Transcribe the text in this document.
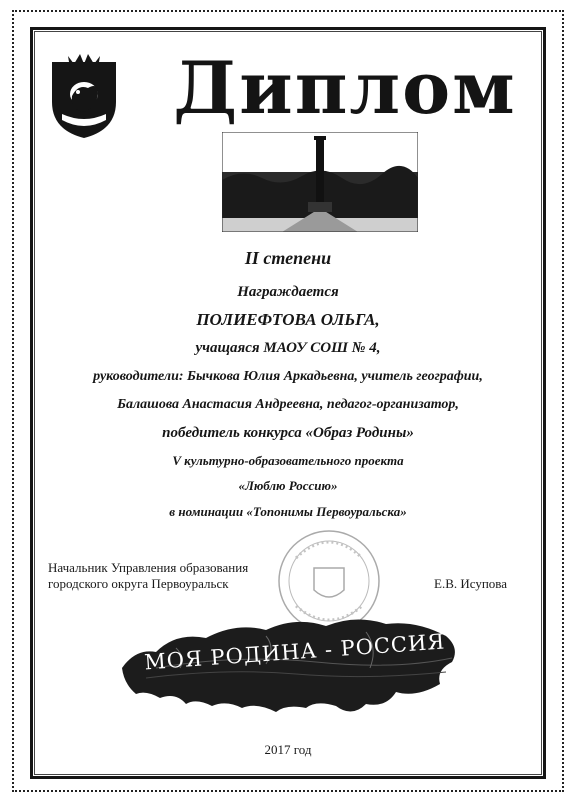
Диплом
II степени
Награждается
ПОЛИЕФТОВА ОЛЬГА,
учащаяся МАОУ СОШ № 4,
руководители: Бычкова Юлия Аркадьевна, учитель географии,
Балашова Анастасия Андреевна, педагог-организатор,
победитель конкурса «Образ Родины»
V культурно-образовательного проекта
«Люблю Россию»
в номинации «Топонимы Первоуральска»
Начальник Управления образования
городского округа Первоуральск	Е.В. Исупова
МОЯ РОДИНА - РОССИЯ
2017 год
